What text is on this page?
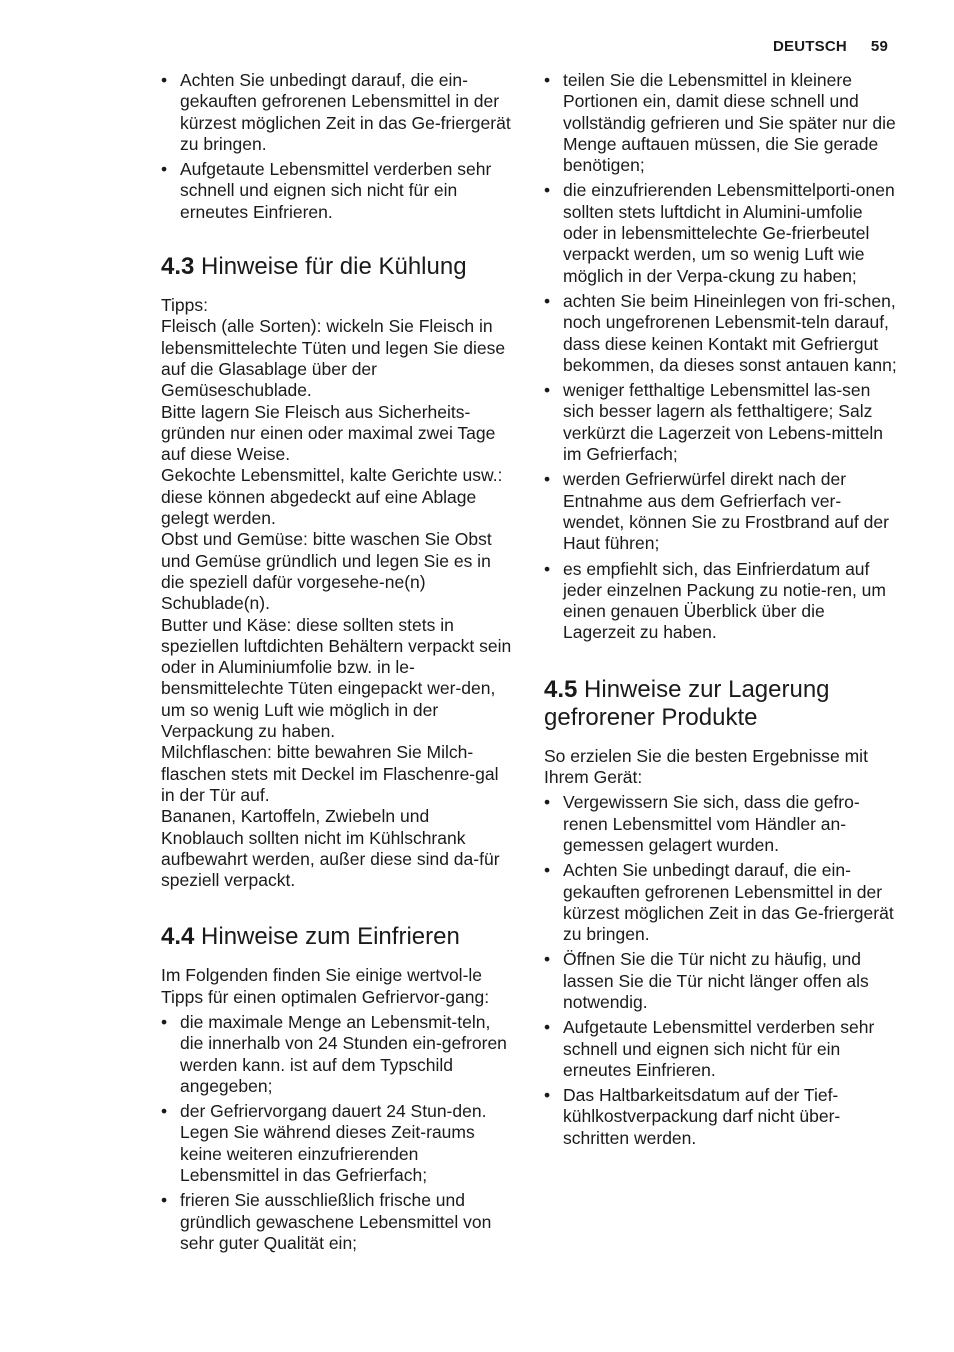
DEUTSCH 59
• Achten Sie unbedingt darauf, die ein-gekauften gefrorenen Lebensmittel in der kürzest möglichen Zeit in das Ge-friergerät zu bringen.
• Aufgetaute Lebensmittel verderben sehr schnell und eignen sich nicht für ein erneutes Einfrieren.
4.3 Hinweise für die Kühlung

Tipps:

Fleisch (alle Sorten): wickeln Sie Fleisch in lebensmittelechte Tüten und legen Sie diese auf die Glasablage über der Gemüseschublade.

Bitte lagern Sie Fleisch aus Sicherheits-gründen nur einen oder maximal zwei Tage auf diese Weise.

Gekochte Lebensmittel, kalte Gerichte usw.: diese können abgedeckt auf eine Ablage gelegt werden.

Obst und Gemüse: bitte waschen Sie Obst und Gemüse gründlich und legen Sie es in die speziell dafür vorgesehe-ne(n) Schublade(n).

Butter und Käse: diese sollten stets in speziellen luftdichten Behältern verpackt sein oder in Aluminiumfolie bzw. in le-bensmittelechte Tüten eingepackt wer-den, um so wenig Luft wie möglich in der Verpackung zu haben.

Milchflaschen: bitte bewahren Sie Milch-flaschen stets mit Deckel im Flaschenre-gal in der Tür auf.

Bananen, Kartoffeln, Zwiebeln und Knoblauch sollten nicht im Kühlschrank aufbewahrt werden, außer diese sind da-für speziell verpackt.

4.4 Hinweise zum Einfrieren

Im Folgenden finden Sie einige wertvol-le Tipps für einen optimalen Gefriervor-gang:

• die maximale Menge an Lebensmit-teln, die innerhalb von 24 Stunden ein-gefroren werden kann. ist auf dem Typschild angegeben;
• der Gefriervorgang dauert 24 Stun-den. Legen Sie während dieses Zeit-raums keine weiteren einzufrierenden Lebensmittel in das Gefrierfach;
• frieren Sie ausschließlich frische und gründlich gewaschene Lebensmittel von sehr guter Qualität ein;
• teilen Sie die Lebensmittel in kleinere Portionen ein, damit diese schnell und vollständig gefrieren und Sie später nur die Menge auftauen müssen, die Sie gerade benötigen;
• die einzufrierenden Lebensmittelporti-onen sollten stets luftdicht in Alumini-umfolie oder in lebensmittelechte Ge-frierbeutel verpackt werden, um so wenig Luft wie möglich in der Verpa-ckung zu haben;
• achten Sie beim Hineinlegen von fri-schen, noch ungefrorenen Lebensmit-teln darauf, dass diese keinen Kontakt mit Gefriergut bekommen, da dieses sonst antauen kann;
• weniger fetthaltige Lebensmittel las-sen sich besser lagern als fetthaltigere; Salz verkürzt die Lagerzeit von Lebens-mitteln im Gefrierfach;
• werden Gefrierwürfel direkt nach der Entnahme aus dem Gefrierfach ver-wendet, können Sie zu Frostbrand auf der Haut führen;
• es empfiehlt sich, das Einfrierdatum auf jeder einzelnen Packung zu notie-ren, um einen genauen Überblick über die Lagerzeit zu haben.
4.5 Hinweise zur Lagerung gefrorener Produkte

So erzielen Sie die besten Ergebnisse mit Ihrem Gerät:

• Vergewissern Sie sich, dass die gefro-renen Lebensmittel vom Händler an-gemessen gelagert wurden.
• Achten Sie unbedingt darauf, die ein-gekauften gefrorenen Lebensmittel in der kürzest möglichen Zeit in das Ge-friergerät zu bringen.
• Öffnen Sie die Tür nicht zu häufig, und lassen Sie die Tür nicht länger offen als notwendig.
• Aufgetaute Lebensmittel verderben sehr schnell und eignen sich nicht für ein erneutes Einfrieren.
• Das Haltbarkeitsdatum auf der Tief-kühlkostverpackung darf nicht über-schritten werden.
